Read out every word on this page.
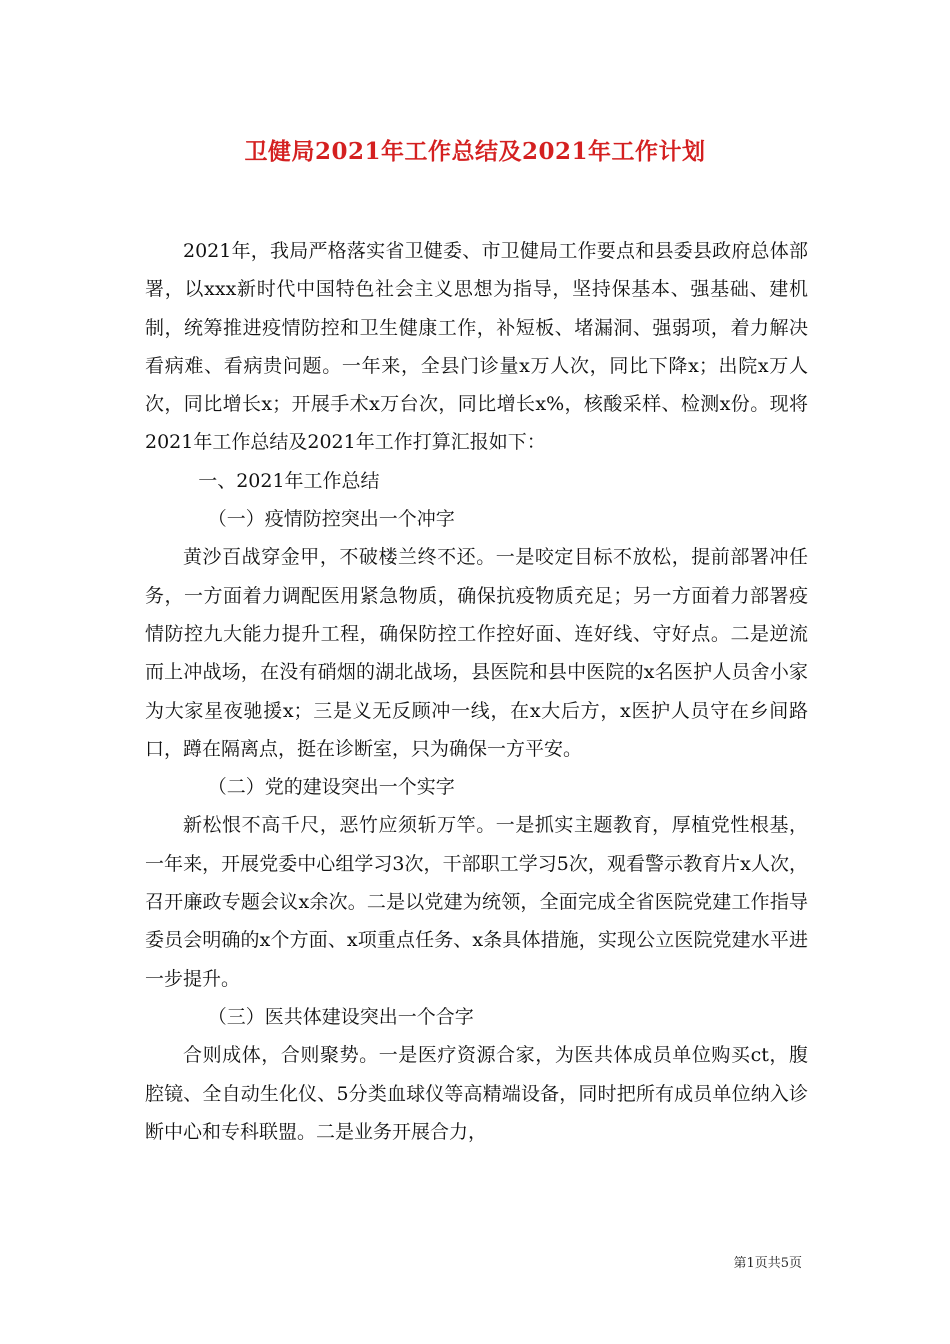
卫健局2021年工作总结及2021年工作计划

2021年，我局严格落实省卫健委、市卫健局工作要点和县委县政府总体部署，以xxx新时代中国特色社会主义思想为指导，坚持保基本、强基础、建机制，统筹推进疫情防控和卫生健康工作，补短板、堵漏洞、强弱项，着力解决看病难、看病贵问题。一年来，全县门诊量x万人次，同比下降x；出院x万人次，同比增长x；开展手术x万台次，同比增长x%，核酸采样、检测x份。现将2021年工作总结及2021年工作打算汇报如下：

一、2021年工作总结

（一）疫情防控突出一个冲字

黄沙百战穿金甲，不破楼兰终不还。一是咬定目标不放松，提前部署冲任务，一方面着力调配医用紧急物质，确保抗疫物质充足；另一方面着力部署疫情防控九大能力提升工程，确保防控工作控好面、连好线、守好点。二是逆流而上冲战场，在没有硝烟的湖北战场，县医院和县中医院的x名医护人员舍小家为大家星夜驰援x；三是义无反顾冲一线，在x大后方，x医护人员守在乡间路口，蹲在隔离点，挺在诊断室，只为确保一方平安。

（二）党的建设突出一个实字

新松恨不高千尺，恶竹应须斩万竿。一是抓实主题教育，厚植党性根基，一年来，开展党委中心组学习3次，干部职工学习5次，观看警示教育片x人次，召开廉政专题会议x余次。二是以党建为统领，全面完成全省医院党建工作指导委员会明确的x个方面、x项重点任务、x条具体措施，实现公立医院党建水平进一步提升。

（三）医共体建设突出一个合字

合则成体，合则聚势。一是医疗资源合家，为医共体成员单位购买ct，腹腔镜、全自动生化仪、5分类血球仪等高精端设备，同时把所有成员单位纳入诊断中心和专科联盟。二是业务开展合力，

第1页共5页
